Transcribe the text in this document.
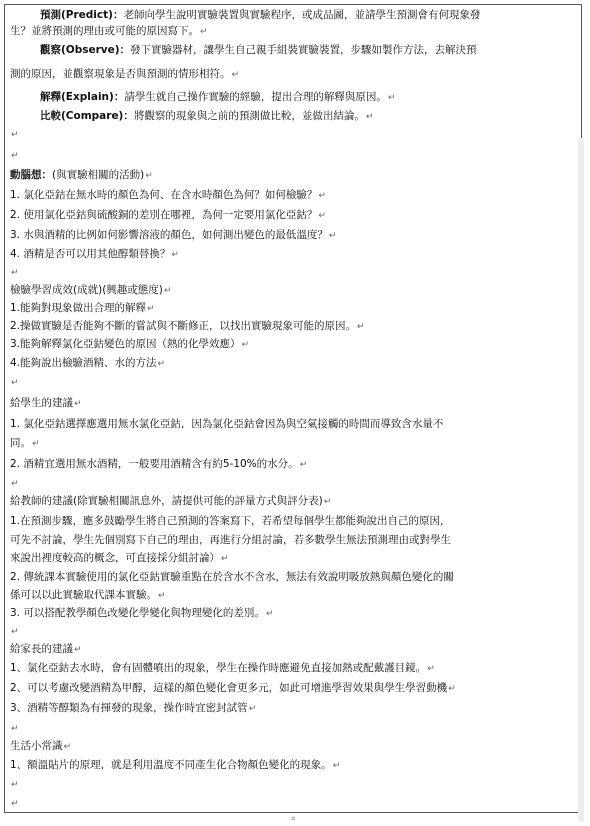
預測(Predict)：老師向學生說明實驗裝置與實驗程序，或成品圖，並請學生預測會有何現象發
生？並將預測的理由或可能的原因寫下。↵
觀察(Observe)：發下實驗器材，讓學生自己親手組裝實驗裝置，步驟如製作方法，去解決預
測的原因，並觀察現象是否與預測的情形相符。↵
解釋(Explain)：請學生就自己操作實驗的經驗，提出合理的解釋與原因。↵
比較(Compare)：將觀察的現象與之前的預測做比較，並做出結論。↵
↵
↵
動腦想：(與實驗相關的活動)↵
1. 氯化亞鈷在無水時的顏色為何、在含水時顏色為何？如何檢驗？↵
2. 使用氯化亞鈷與硫酸銅的差別在哪裡，為何一定要用氯化亞鈷？↵
3. 水與酒精的比例如何影響溶液的顏色，如何測出變色的最低溫度？↵
4. 酒精是否可以用其他醇類替換？↵
↵
檢驗學習成效(成就)(興趣或態度)↵
1.能夠對現象做出合理的解釋↵
2.操做實驗是否能夠不斷的嘗試與不斷修正，以找出實驗現象可能的原因。↵
3.能夠解釋氯化亞鈷變色的原因（熱的化學效應）↵
4.能夠說出檢驗酒精、水的方法↵
↵
給學生的建議↵
1. 氯化亞鈷選擇應選用無水氯化亞鈷，因為氯化亞鈷會因為與空氣接觸的時間而導致含水量不
同。↵
2. 酒精宜選用無水酒精，一般要用酒精含有約5-10%的水分。↵
↵
給教師的建議(除實驗相關訊息外，請提供可能的評量方式與評分表)↵
1.在預測步驟，應多鼓勵學生將自己預測的答案寫下，若希望每個學生都能夠說出自己的原因，
可先不討論，學生先個別寫下自己的理由，再進行分組討論，若多數學生無法預測理由或對學生
來說出裡度較高的概念，可直接採分組討論）↵
2. 傳統課本實驗使用的氯化亞鈷實驗重點在於含水不含水，無法有效說明吸放熱與顏色變化的關
係可以以此實驗取代課本實驗。↵
3. 可以搭配教學顏色改變化學變化與物理變化的差別。↵
↵
給家長的建議↵
1、氯化亞鈷去水時，會有固體噴出的現象，學生在操作時應避免直接加熱或配戴護目鏡。↵
2、可以考慮改變酒精為甲醇，這樣的顏色變化會更多元，如此可增進學習效果與學生學習動機↵
3、酒精等醇類為有揮發的現象，操作時宜密封試管↵
↵
生活小常識↵
1、額溫貼片的原理，就是利用溫度不同產生化合物顏色變化的現象。↵
↵
↵
¤
